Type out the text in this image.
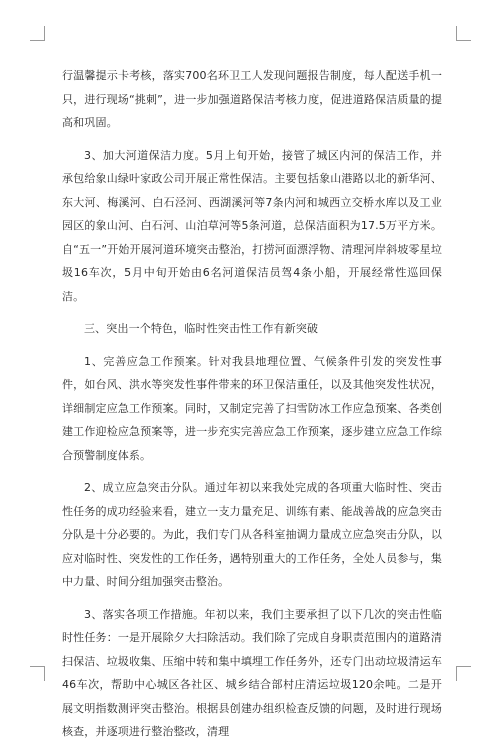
行温馨提示卡考核，落实700名环卫工人发现问题报告制度，每人配送手机一只，进行现场“挑刺”，进一步加强道路保洁考核力度，促进道路保洁质量的提高和巩固。

3、加大河道保洁力度。5月上旬开始，接管了城区内河的保洁工作，并承包给象山绿叶家政公司开展正常性保洁。主要包括象山港路以北的新华河、东大河、梅溪河、白石泾河、西湖溪河等7条内河和城西立交桥水库以及工业园区的象山河、白石河、山泊草河等5条河道，总保洁面积为17.5万平方米。自“五一”开始开展河道环境突击整治，打捞河面漂浮物、清理河岸斜坡零星垃圾16车次，5月中旬开始由6名河道保洁员驾4条小船，开展经常性巡回保洁。

三、突出一个特色，临时性突击性工作有新突破

1、完善应急工作预案。针对我县地理位置、气候条件引发的突发性事件，如台风、洪水等突发性事件带来的环卫保洁重任，以及其他突发性状况，详细制定应急工作预案。同时，又制定完善了扫雪防冰工作应急预案、各类创建工作迎检应急预案等，进一步充实完善应急工作预案，逐步建立应急工作综合预警制度体系。

2、成立应急突击分队。通过年初以来我处完成的各项重大临时性、突击性任务的成功经验来看，建立一支力量充足、训练有素、能战善战的应急突击分队是十分必要的。为此，我们专门从各科室抽调力量成立应急突击分队，以应对临时性、突发性的工作任务，遇特别重大的工作任务，全处人员参与，集中力量、时间分组加强突击整治。

3、落实各项工作措施。年初以来，我们主要承担了以下几次的突击性临时性任务：一是开展除夕大扫除活动。我们除了完成自身职责范围内的道路清扫保洁、垃圾收集、压缩中转和集中填埋工作任务外，还专门出动垃圾清运车46车次，帮助中心城区各社区、城乡结合部村庄清运垃圾120余吨。二是开展文明指数测评突击整治。根据县创建办组织检查反馈的问题，及时进行现场核查，并逐项进行整治整改，清理
